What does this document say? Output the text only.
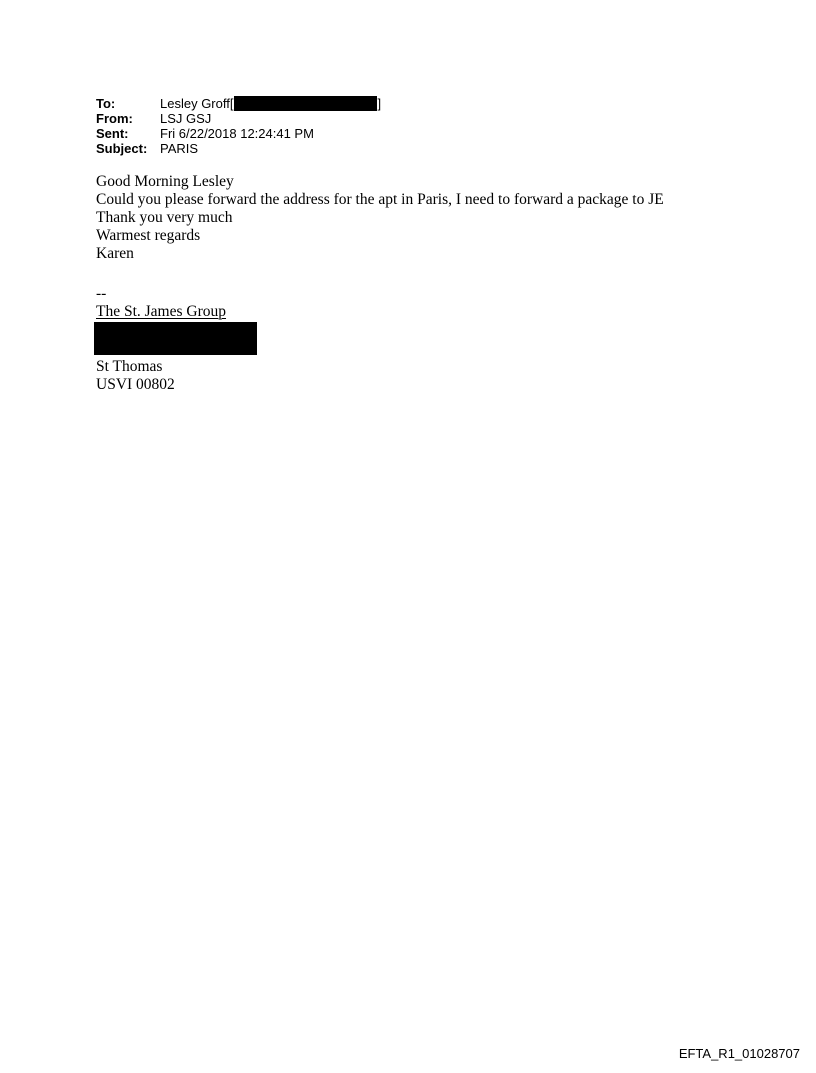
To:	Lesley Groff[	]
From:	LSJ GSJ
Sent:	Fri 6/22/2018 12:24:41 PM
Subject: PARIS
Good Morning Lesley
Could you please forward the address for the apt in Paris, I need to forward a package to JE
Thank you very much
Warmest regards
Karen
--
The St. James Group
St Thomas
USVI 00802
EFTA_R1_01028707
